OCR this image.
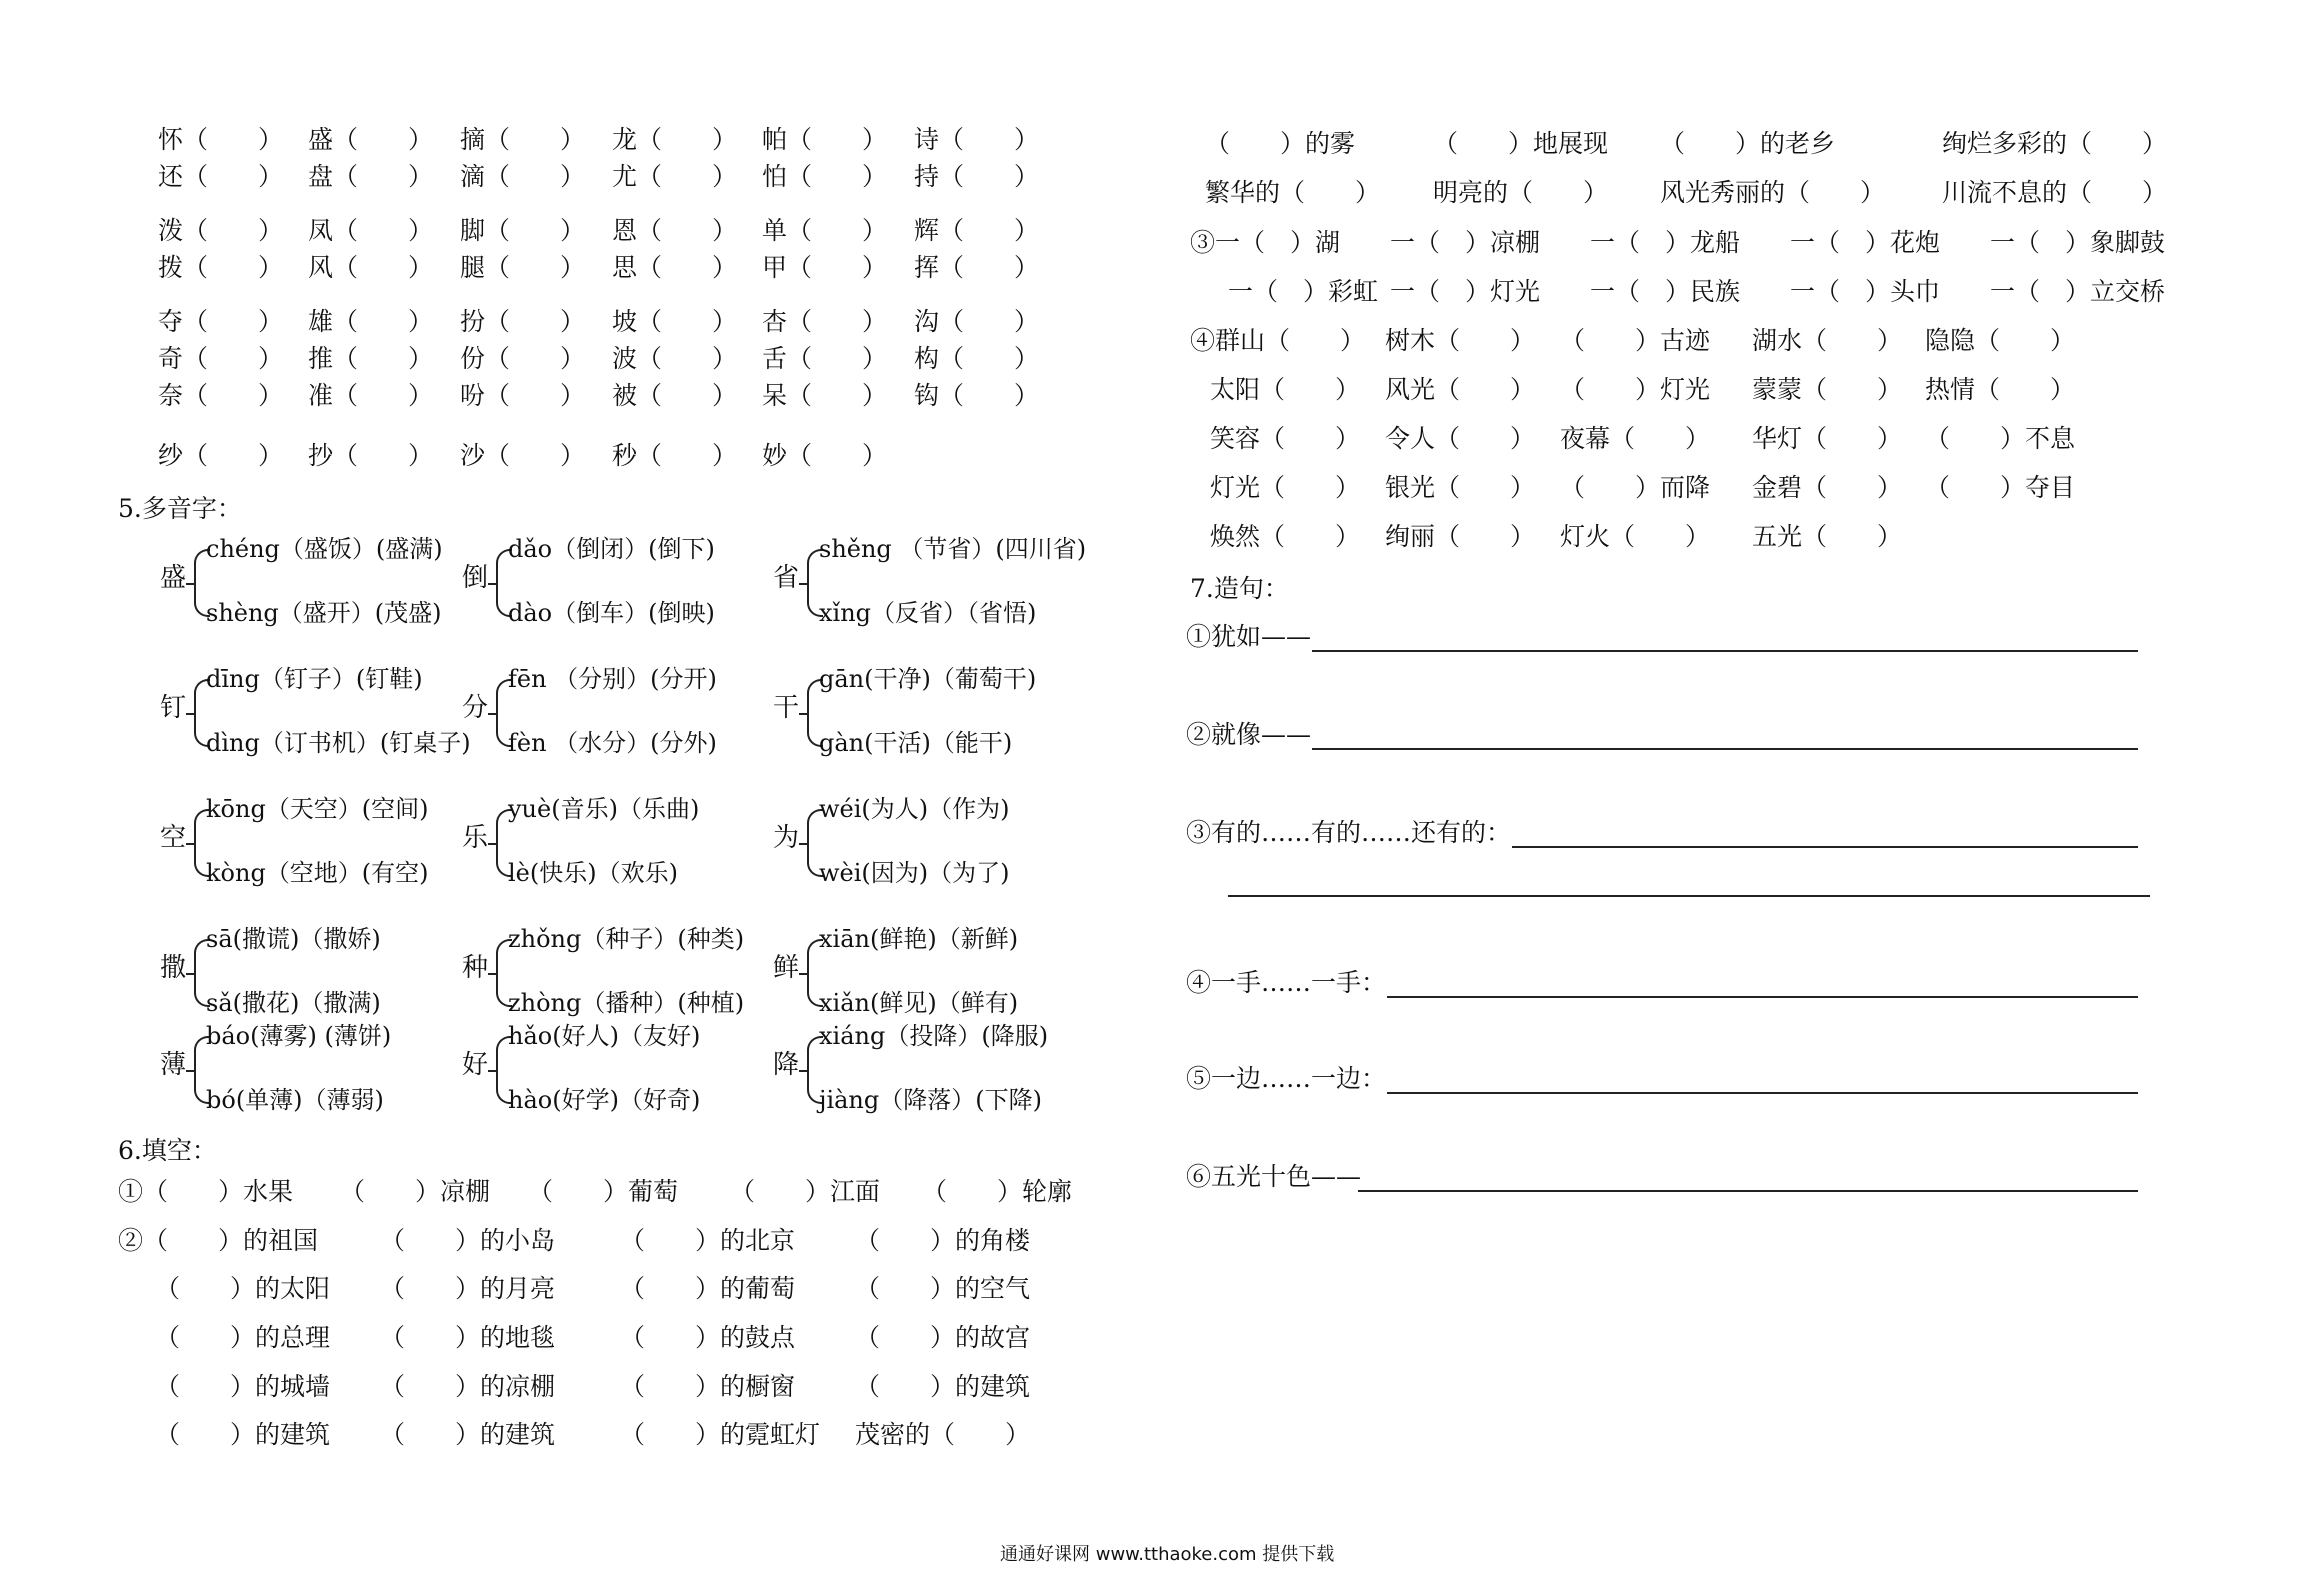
怀（　　） 盛（　　） 摘（　　） 龙（　　） 帕（　　） 诗（　　）
还（　　） 盘（　　） 滴（　　） 尤（　　） 怕（　　） 持（　　）
泼（　　） 凤（　　） 脚（　　） 恩（　　） 单（　　） 辉（　　）
拨（　　） 风（　　） 腿（　　） 思（　　） 甲（　　） 挥（　　）
夺（　　） 雄（　　） 扮（　　） 坡（　　） 杏（　　） 沟（　　）
奇（　　） 推（　　） 份（　　） 波（　　） 舌（　　） 构（　　）
奈（　　） 准（　　） 吩（　　） 被（　　） 呆（　　） 钩（　　）
纱（　　） 抄（　　） 沙（　　） 秒（　　） 妙（　　）
5.多音字：
盛
chéng（盛饭）(盛满)
shèng（盛开）(茂盛)
倒
dǎo（倒闭）(倒下)
dào（倒车）(倒映)
省
shěng （节省）(四川省)
xǐng（反省）（省悟)
钉
dīng（钉子）(钉鞋)
dìng（订书机）(钉桌子)
分
fēn （分别）(分开)
fèn （水分）(分外)
干
gān(干净)（葡萄干)
gàn(干活)（能干)
空
kōng（天空）(空间)
kòng（空地）(有空)
乐
yuè(音乐)（乐曲)
lè(快乐)（欢乐)
为
wéi(为人)（作为)
wèi(因为)（为了)
撒
sā(撒谎)（撒娇)
sǎ(撒花)（撒满)
种
zhǒng（种子）(种类)
zhòng（播种）(种植)
鲜
xiān(鲜艳)（新鲜)
xiǎn(鲜见)（鲜有)
薄
báo(薄雾) (薄饼)
bó(单薄)（薄弱)
好
hǎo(好人)（友好)
hào(好学)（好奇)
降
xiáng（投降）(降服)
jiàng（降落）(下降)
6.填空：
①（　　）水果 （　　）凉棚 （　　）葡萄 （　　）江面 （　　）轮廓
②（　　）的祖国 （　　）的小岛	（　　）的北京 （　　）的角楼
（　　）的太阳 （　　）的月亮	（　　）的葡萄 （　　）的空气
（　　）的总理 （　　）的地毯	（　　）的鼓点 （　　）的故宫
（　　）的城墙 （　　）的凉棚	（　　）的橱窗 （　　）的建筑
（　　）的建筑 （　　）的建筑	（　　）的霓虹灯 茂密的（　　）
（　　）的雾	（　　）地展现 （　　）的老乡	绚烂多彩的（　　）
繁华的（　　） 明亮的（　　） 风光秀丽的（　　） 川流不息的（　　）
③一（　）湖 一（　）凉棚 一（　）龙船 一（　）花炮 一（　）象脚鼓
一（　）彩虹 一（　）灯光 一（　）民族 一（　）头巾 一（　）立交桥
④群山（　　） 树木（　　） （　　）古迹 湖水（　　） 隐隐（　　）
太阳（　　） 风光（　　） （　　）灯光 蒙蒙（　　） 热情（　　）
笑容（　　） 令人（　　） 夜幕（　　） 华灯（　　） （　　）不息
灯光（　　） 银光（　　） （　　）而降 金碧（　　） （　　）夺目
焕然（　　） 绚丽（　　） 灯火（　　） 五光（　　）
7.造句：
①犹如——
②就像——
③有的……有的……还有的：
④一手……一手：
⑤一边……一边：
⑥五光十色——
通通好课网 www.tthaoke.com 提供下载
